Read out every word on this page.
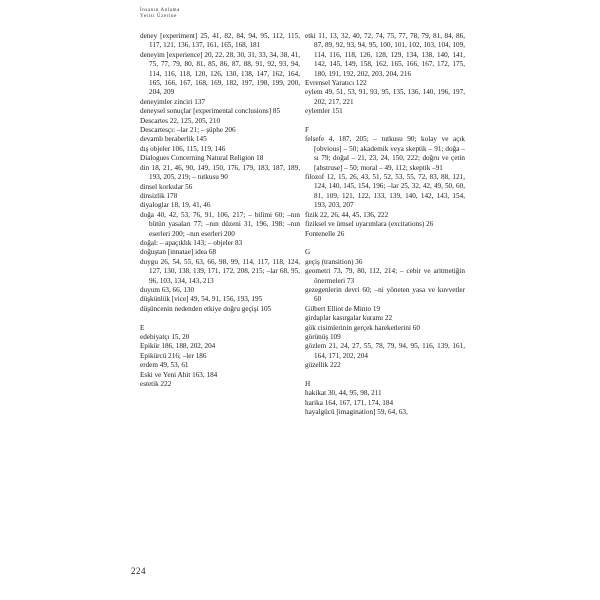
İnsanın Anlama
Yetisi Üzerine

deney [experiment] 25, 41, 82, 84, 94, 95, 112, 115, 117, 121, 136, 137, 161, 165, 168, 181

deneyim [experience] 20, 22, 28, 30, 31, 33, 34, 38, 41, 75, 77, 79, 80, 81, 85, 86, 87, 88, 91, 92, 93, 94, 114, 116, 118, 120, 126, 130, 138, 147, 162, 164, 165, 166, 167, 168, 169, 182, 197, 198, 199, 200, 204, 209

deneyimler zinciri 137

deneysel sonuçlar [experimental conclusions] 85

Descartes 22, 125, 205, 210

Descartesçı: –lar 21; – şüphe 206

devamlı beraberlik 145

dış objeler 106, 115, 119, 146

Dialogues Concerning Natural Religion 18

din 18, 21, 46, 90, 149, 150, 176, 179, 183, 187, 189, 193, 205, 219; – tutkusu 90

dinsel korkular 56

dinsizlik 178

diyaloglar 18, 19, 41, 46

doğa 40, 42, 53, 76, 91, 106, 217; – bilimi 60; –nın bütün yasaları 77; –nın düzeni 31, 196, 198; –nın eserleri 200; –nın eserleri 200

doğal: – apaçıklık 143; – objeler 83

doğuştan [innatae] idea 68

duygu 26, 54, 55, 63, 66, 98, 99, 114, 117, 118, 124, 127, 130, 138, 139, 171, 172, 208, 215; –lar 68, 95, 96, 103, 134, 143, 213

duyum 63, 66, 130

düşkünlük [vice] 49, 54, 91, 156, 193, 195

düşüncenin nedenden etkiye doğru geçişi 105

E

edebiyatçı 15, 20

Epikür 186, 188, 202, 204

Epikürcü 216; –ler 186

erdem 49, 53, 61

Eski ve Yeni Ahit 163, 184

estetik 222

etki 11, 13, 32, 40, 72, 74, 75, 77, 78, 79, 81, 84, 86, 87, 89, 92, 93, 94, 95, 100, 101, 102, 103, 104, 109, 114, 116, 118, 126, 128, 129, 134, 138, 140, 141, 142, 145, 149, 158, 162, 165, 166, 167, 172, 175, 180, 191, 192, 202, 203, 204, 216

Evrensel Yaratıcı 122

eylem 49, 51, 53, 91, 93, 95, 135, 136, 140, 196, 197, 202, 217, 221

eylemler 151

F

felsefe 4, 187, 205; – tutkusu 90; kolay ve açık [obvious] – 50; akademik veya skeptik – 91; doğa –sı 79; doğal – 21, 23, 24, 150, 222; doğru ve çetin [abstruse] – 50; moral – 49, 112; skeptik –91

filozof 12, 15, 26, 43, 51, 52, 53, 55, 72, 83, 88, 121, 124, 140, 145, 154, 196; –lar 25, 32, 42, 49, 50, 60, 81, 109, 121, 122, 133, 139, 140, 142, 143, 154, 193, 203, 207

fizik 22, 26, 44, 45, 136, 222

fiziksel ve ümsel uyarımlara (excitations) 26

Fontenelle 26

G

geçiş (transition) 36

geometri 73, 79, 80, 112, 214; – cebir ve aritmetiğin önermeleri 73

gezegenlerin devri 60; –ni yöneten yasa ve kuvvetler 60

Gilbert Elliot de Minto 19

girdaplar kasırgalar kuramı 22

gök cisimlerinin gerçek hareketlerini 60

görünüş 109

gözlem 21, 24, 27, 55, 78, 79, 94, 95, 116, 139, 161, 164, 171, 202, 204

güzellik 222

H

hakikat 30, 44, 95, 98, 211

harika 164, 167, 171, 174, 184

hayalgücü [imagination] 59, 64, 63,

224
